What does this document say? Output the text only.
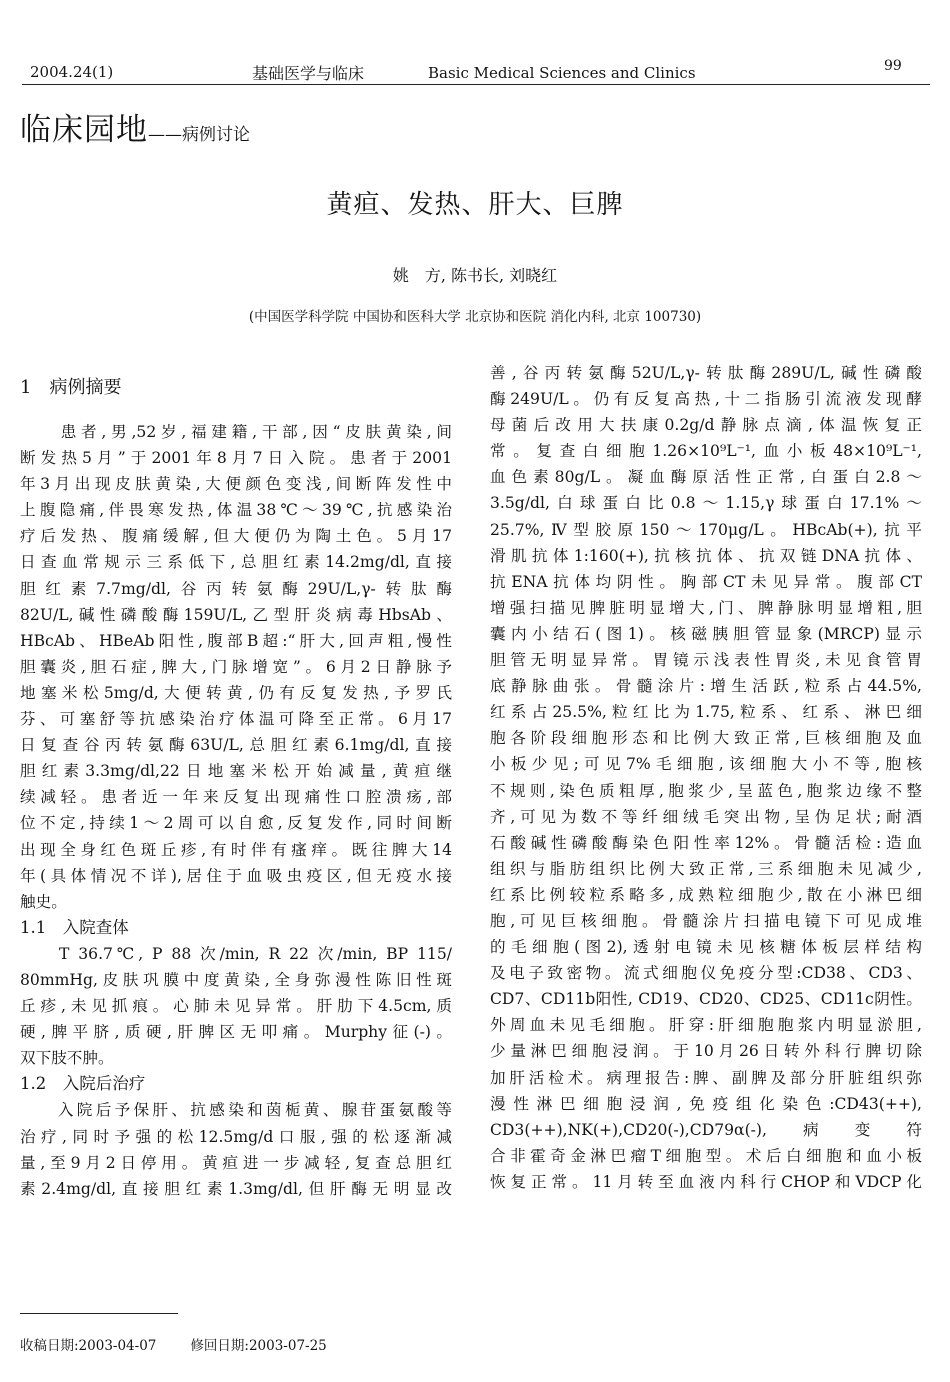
2004.24(1)	基础医学与临床	Basic Medical Sciences and Clinics	99
临床园地——病例讨论
黄疸、发热、肝大、巨脾
姚　方, 陈书长, 刘晓红
(中国医学科学院 中国协和医科大学 北京协和医院 消化内科, 北京 100730)
1　病例摘要
　　患者,男,52岁,福建籍,干部,因“皮肤黄染,间
断发热5月”于2001年8月7日入院。患者于2001
年3月出现皮肤黄染,大便颜色变浅,间断阵发性中
上腹隐痛,伴畏寒发热,体温38℃～39℃,抗感染治
疗后发热、腹痛缓解,但大便仍为陶土色。5月17
日查血常规示三系低下,总胆红素14.2mg/dl,直接
胆红素7.7mg/dl,谷丙转氨酶29U/L,γ-转肽酶
82U/L,碱性磷酸酶159U/L,乙型肝炎病毒HbsAb、
HBcAb、HBeAb阳性,腹部B超:“肝大,回声粗,慢性
胆囊炎,胆石症,脾大,门脉增宽”。6月2日静脉予
地塞米松5mg/d,大便转黄,仍有反复发热,予罗氏
芬、可塞舒等抗感染治疗体温可降至正常。6月17
日复查谷丙转氨酶63U/L,总胆红素6.1mg/dl,直接
胆红素3.3mg/dl,22日地塞米松开始减量,黄疸继
续减轻。患者近一年来反复出现痛性口腔溃疡,部
位不定,持续1～2周可以自愈,反复发作,同时间断
出现全身红色斑丘疹,有时伴有瘙痒。既往脾大14
年(具体情况不详),居住于血吸虫疫区,但无疫水接
触史。
1.1　入院查体
　　T 36.7℃, P 88 次/min, R 22 次/min, BP 115/
80mmHg,皮肤巩膜中度黄染,全身弥漫性陈旧性斑
丘疹,未见抓痕。心肺未见异常。肝肋下4.5cm,质
硬,脾平脐,质硬,肝脾区无叩痛。Murphy征(-)。
双下肢不肿。
1.2　入院后治疗
　　入院后予保肝、抗感染和茵栀黄、腺苷蛋氨酸等
治疗,同时予强的松12.5mg/d口服,强的松逐渐减
量,至9月2日停用。黄疸进一步减轻,复查总胆红
素2.4mg/dl,直接胆红素1.3mg/dl,但肝酶无明显改
善,谷丙转氨酶52U/L,γ-转肽酶289U/L,碱性磷酸
酶249U/L。仍有反复高热,十二指肠引流液发现酵
母菌后改用大扶康0.2g/d静脉点滴,体温恢复正
常。复查白细胞1.26×10⁹L⁻¹,血小板48×10⁹L⁻¹,
血色素80g/L。凝血酶原活性正常,白蛋白2.8～
3.5g/dl,白球蛋白比0.8～1.15,γ球蛋白17.1%～
25.7%,Ⅳ型胶原150～170μg/L。HBcAb(+),抗平
滑肌抗体1:160(+),抗核抗体、抗双链DNA抗体、
抗ENA抗体均阴性。胸部CT未见异常。腹部CT
增强扫描见脾脏明显增大,门、脾静脉明显增粗,胆
囊内小结石(图1)。核磁胰胆管显象(MRCP)显示
胆管无明显异常。胃镜示浅表性胃炎,未见食管胃
底静脉曲张。骨髓涂片:增生活跃,粒系占44.5%,
红系占25.5%,粒红比为1.75,粒系、红系、淋巴细
胞各阶段细胞形态和比例大致正常,巨核细胞及血
小板少见;可见7%毛细胞,该细胞大小不等,胞核
不规则,染色质粗厚,胞浆少,呈蓝色,胞浆边缘不整
齐,可见为数不等纤细绒毛突出物,呈伪足状;耐酒
石酸碱性磷酸酶染色阳性率12%。骨髓活检:造血
组织与脂肪组织比例大致正常,三系细胞未见减少,
红系比例较粒系略多,成熟粒细胞少,散在小淋巴细
胞,可见巨核细胞。骨髓涂片扫描电镜下可见成堆
的毛细胞(图2),透射电镜未见核糖体板层样结构
及电子致密物。流式细胞仪免疫分型:CD38、CD3、
CD7、CD11b阳性, CD19、CD20、CD25、CD11c阴性。
外周血未见毛细胞。肝穿:肝细胞胞浆内明显淤胆,
少量淋巴细胞浸润。于10月26日转外科行脾切除
加肝活检术。病理报告:脾、副脾及部分肝脏组织弥
漫性淋巴细胞浸润,免疫组化染色:CD43(++),
CD3(++),NK(+),CD20(-),CD79α(-),病变符
合非霍奇金淋巴瘤T细胞型。术后白细胞和血小板
恢复正常。11月转至血液内科行CHOP和VDCP化
收稿日期:2003-04-07	修回日期:2003-07-25
